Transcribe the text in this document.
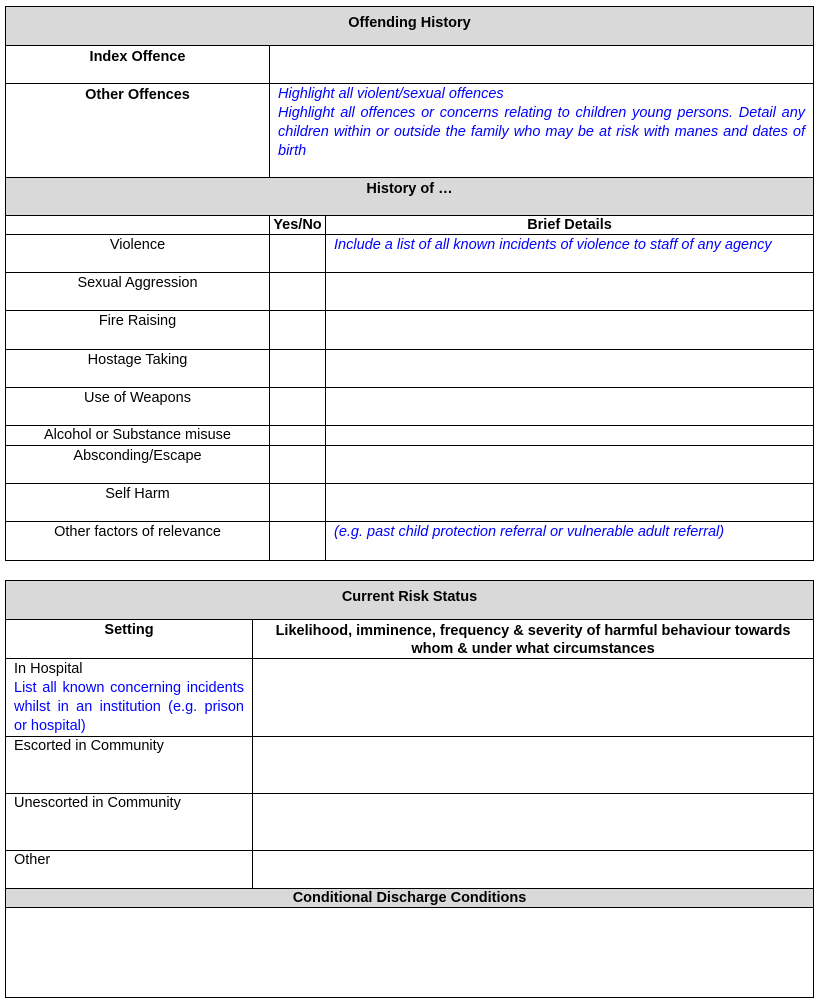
Offending History		
Index Offence		
Other Offences	Highlight all violent/sexual offences
Highlight all offences or concerns relating to children young persons. Detail any children within or outside the family who may be at risk with manes and dates of birth	

History of …		
	Yes/No	Brief Details
Violence		Include a list of all known incidents of violence to staff of any agency
Sexual Aggression		
Fire Raising		
Hostage Taking		
Use of Weapons		
Alcohol or Substance misuse		
Absconding/Escape		
Self Harm		
Other factors of relevance		(e.g. past child protection referral or vulnerable adult referral)
Current Risk Status	
Setting	Likelihood, imminence, frequency & severity of harmful behaviour towards whom & under what circumstances

In Hospital
List all known concerning incidents whilst in an institution (e.g. prison or hospital)	

Escorted in Community	

Unescorted in Community	

Other	

Conditional Discharge Conditions	
